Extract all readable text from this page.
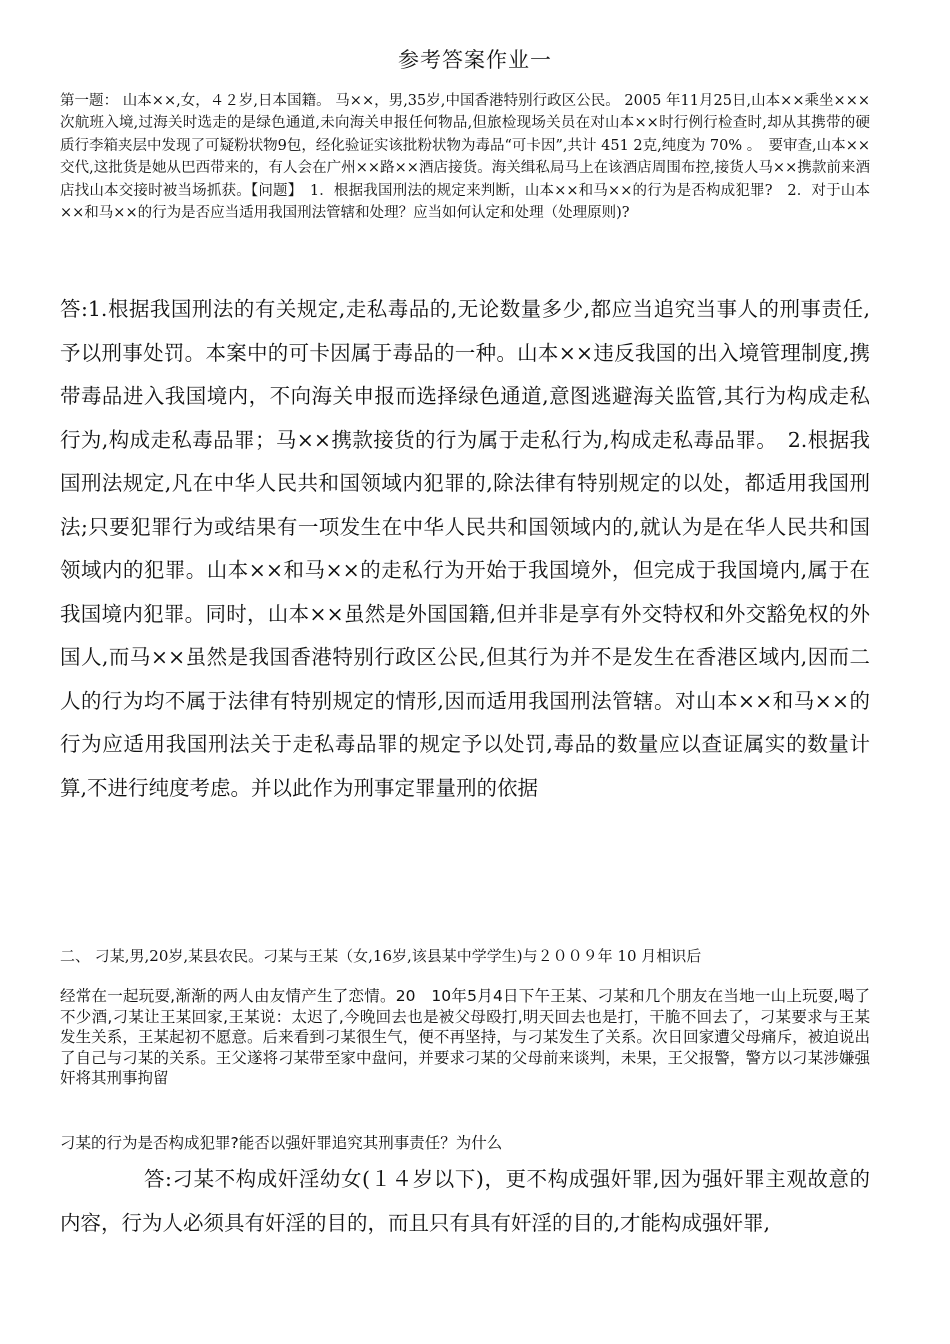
参考答案作业一

第一题： 山本××,女，４２岁,日本国籍。 马××，男,35岁,中国香港特别行政区公民。 2005 年11月25日,山本××乘坐×××次航班入境,过海关时选走的是绿色通道,未向海关申报任何物品,但旅检现场关员在对山本××时行例行检查时,却从其携带的硬质行李箱夹层中发现了可疑粉状物9包，经化验证实该批粉状物为毒品“可卡因”,共计 451 2克,纯度为 70% 。　要审查,山本××交代,这批货是她从巴西带来的，有人会在广州××路××酒店接货。海关缉私局马上在该酒店周围布控,接货人马××携款前来酒店找山本交接时被当场抓获。【问题】　1．根据我国刑法的规定来判断，山本××和马××的行为是否构成犯罪?　2．对于山本××和马××的行为是否应当适用我国刑法管辖和处理？应当如何认定和处理（处理原则)?

答:1.根据我国刑法的有关规定,走私毒品的,无论数量多少,都应当追究当事人的刑事责任,予以刑事处罚。本案中的可卡因属于毒品的一种。山本××违反我国的出入境管理制度,携带毒品进入我国境内，不向海关申报而选择绿色通道,意图逃避海关监管,其行为构成走私行为,构成走私毒品罪；马××携款接货的行为属于走私行为,构成走私毒品罪。　2.根据我国刑法规定,凡在中华人民共和国领域内犯罪的,除法律有特别规定的以处，都适用我国刑法;只要犯罪行为或结果有一项发生在中华人民共和国领域内的,就认为是在华人民共和国领域内的犯罪。山本××和马××的走私行为开始于我国境外，但完成于我国境内,属于在我国境内犯罪。同时，山本××虽然是外国国籍,但并非是享有外交特权和外交豁免权的外国人,而马××虽然是我国香港特别行政区公民,但其行为并不是发生在香港区域内,因而二人的行为均不属于法律有特别规定的情形,因而适用我国刑法管辖。对山本××和马××的行为应适用我国刑法关于走私毒品罪的规定予以处罚,毒品的数量应以查证属实的数量计算,不进行纯度考虑。并以此作为刑事定罪量刑的依据

二、 刁某,男,20岁,某县农民。刁某与王某（女,16岁,该县某中学学生)与２００９年 10 月相识后

经常在一起玩耍,渐渐的两人由友情产生了恋情。20　10年5月4日下午王某、刁某和几个朋友在当地一山上玩耍,喝了不少酒,刁某让王某回家,王某说：太迟了,今晚回去也是被父母殴打,明天回去也是打，干脆不回去了，刁某要求与王某发生关系，王某起初不愿意。后来看到刁某很生气，便不再坚持，与刁某发生了关系。次日回家遭父母痛斥，被迫说出了自己与刁某的关系。王父遂将刁某带至家中盘问，并要求刁某的父母前来谈判，未果，王父报警，警方以刁某涉嫌强奸将其刑事拘留

刁某的行为是否构成犯罪?能否以强奸罪追究其刑事责任？为什么

答:刁某不构成奸淫幼女(１４岁以下)，更不构成强奸罪,因为强奸罪主观故意的内容，行为人必须具有奸淫的目的，而且只有具有奸淫的目的,才能构成强奸罪,
